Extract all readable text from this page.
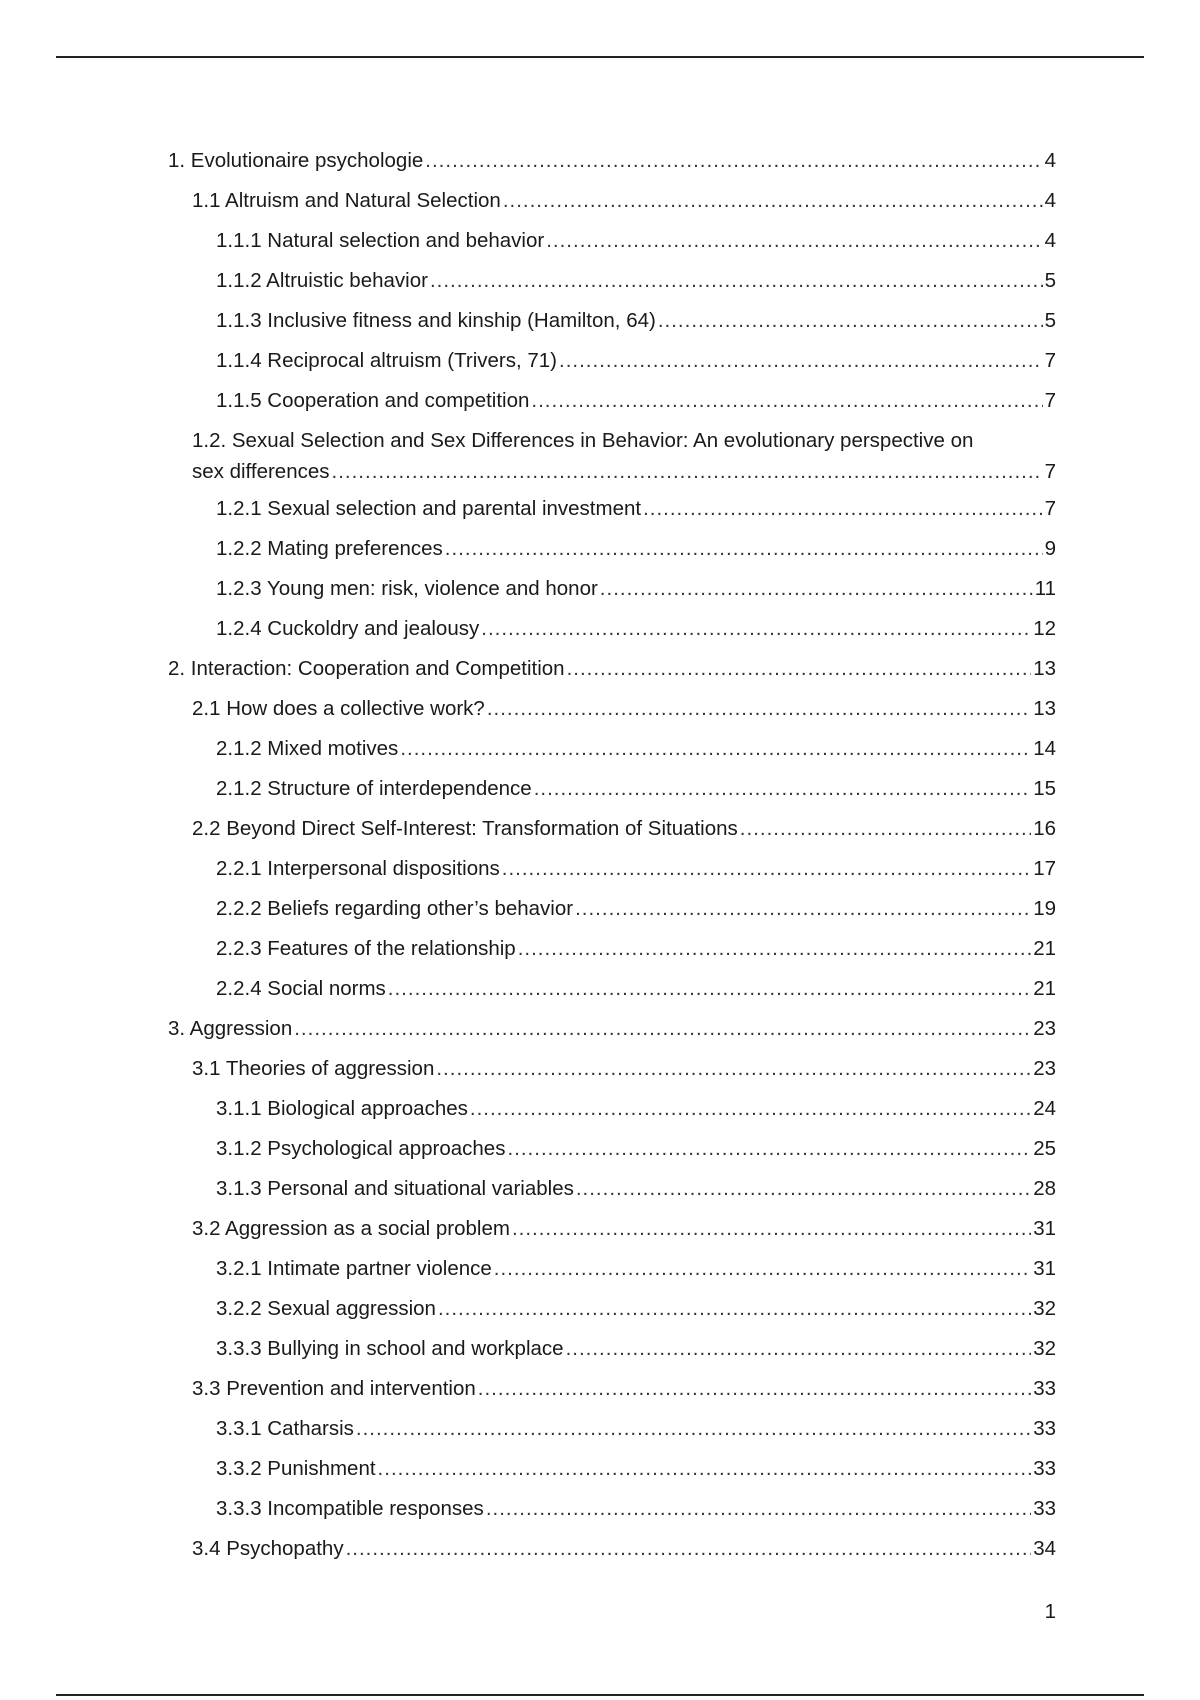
1. Evolutionaire psychologie .....	4
1.1 Altruism and Natural Selection .....	4
1.1.1 Natural selection and behavior .....	4
1.1.2 Altruistic behavior .....	5
1.1.3 Inclusive fitness and kinship (Hamilton, 64) .....	5
1.1.4 Reciprocal altruism (Trivers, 71) .....	7
1.1.5 Cooperation and competition .....	7
1.2. Sexual Selection and Sex Differences in Behavior: An evolutionary perspective on
sex differences .....	7
1.2.1 Sexual selection and parental investment .....	7
1.2.2 Mating preferences .....	9
1.2.3 Young men: risk, violence and honor .....	11
1.2.4 Cuckoldry and jealousy .....	12
2. Interaction: Cooperation and Competition .....	13
2.1 How does a collective work? .....	13
2.1.2 Mixed motives .....	14
2.1.2 Structure of interdependence .....	15
2.2 Beyond Direct Self-Interest: Transformation of Situations .....	16
2.2.1 Interpersonal dispositions .....	17
2.2.2 Beliefs regarding other’s behavior .....	19
2.2.3 Features of the relationship .....	21
2.2.4 Social norms .....	21
3. Aggression .....	23
3.1 Theories of aggression .....	23
3.1.1 Biological approaches .....	24
3.1.2 Psychological approaches .....	25
3.1.3 Personal and situational variables .....	28
3.2 Aggression as a social problem .....	31
3.2.1 Intimate partner violence .....	31
3.2.2 Sexual aggression .....	32
3.3.3 Bullying in school and workplace .....	32
3.3 Prevention and intervention .....	33
3.3.1 Catharsis .....	33
3.3.2 Punishment .....	33
3.3.3 Incompatible responses .....	33
3.4 Psychopathy .....	34
1
